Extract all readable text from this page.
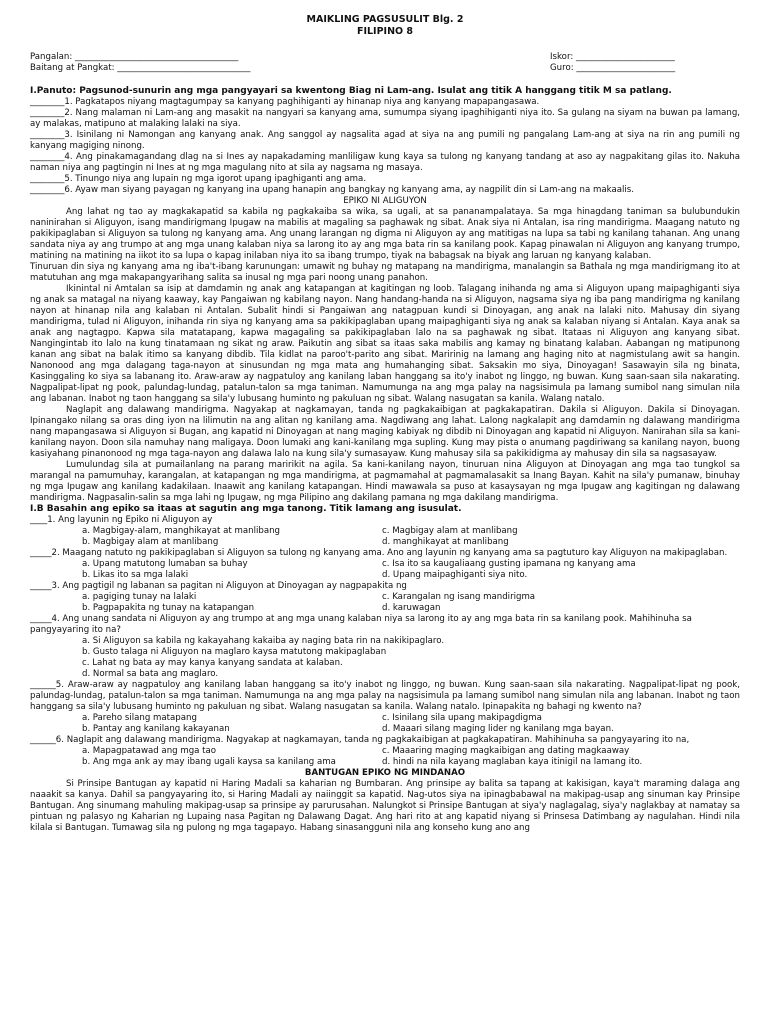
MAIKLING PAGSUSULIT Blg. 2
FILIPINO 8
Pangalan: ______________________________________
Baitang at Pangkat: _______________________________
Iskor: _______________________
Guro: _______________________
I.Panuto: Pagsunod-sunurin ang mga pangyayari sa kwentong Biag ni Lam-ang. Isulat ang titik A hanggang titik M sa patlang.

________1. Pagkatapos niyang magtagumpay sa kanyang paghihiganti ay hinanap niya ang kanyang mapapangasawa.

________2. Nang malaman ni Lam-ang ang masakit na nangyari sa kanyang ama, sumumpa siyang ipaghihiganti niya ito. Sa gulang na siyam na buwan pa lamang, ay malakas, matipuno at malaking lalaki na siya.

________3. Isinilang ni Namongan ang kanyang anak. Ang sanggol ay nagsalita agad at siya na ang pumili ng pangalang Lam-ang at siya na rin ang pumili ng kanyang magiging ninong.

________4. Ang pinakamagandang dlag na si Ines ay napakadaming manliligaw kung kaya sa tulong ng kanyang tandang at aso ay nagpakitang gilas ito. Nakuha naman niya ang pagtingin ni Ines at ng mga magulang nito at sila ay nagsama ng masaya.

________5. Tinungo niya ang lupain ng mga igorot upang ipaghiganti ang ama.

________6. Ayaw man siyang payagan ng kanyang ina upang hanapin ang bangkay ng kanyang ama, ay nagpilit din si Lam-ang na makaalis.

EPIKO NI ALIGUYON

Ang lahat ng tao ay magkakapatid sa kabila ng pagkakaiba sa wika, sa ugali, at sa pananampalataya. Sa mga hinagdang taniman sa bulubundukin naninirahan si Aliguyon, isang mandirigmang Ipugaw na mabilis at magaling sa paghawak ng sibat. Anak siya ni Antalan, isa ring mandirigma. Maagang natuto ng pakikipaglaban si Aliguyon sa tulong ng kanyang ama. Ang unang larangan ng digma ni Aliguyon ay ang matitigas na lupa sa tabi ng kanilang tahanan. Ang unang sandata niya ay ang trumpo at ang mga unang kalaban niya sa larong ito ay ang mga bata rin sa kanilang pook. Kapag pinawalan ni Aliguyon ang kanyang trumpo, matining na matining na iikot ito sa lupa o kapag inilaban niya ito sa ibang trumpo, tiyak na babagsak na biyak ang laruan ng kanyang kalaban.

Tinuruan din siya ng kanyang ama ng iba't-ibang karunungan: umawit ng buhay ng matapang na mandirigma, manalangin sa Bathala ng mga mandirigmang ito at matutuhan ang mga makapangyarihang salita sa inusal ng mga pari noong unang panahon.

Ikinintal ni Amtalan sa isip at damdamin ng anak ang katapangan at kagitingan ng loob. Talagang inihanda ng ama si Aliguyon upang maipaghiganti siya ng anak sa matagal na niyang kaaway, kay Pangaiwan ng kabilang nayon. Nang handang-handa na si Aliguyon, nagsama siya ng iba pang mandirigma ng kanilang nayon at hinanap nila ang kalaban ni Antalan. Subalit hindi si Pangaiwan ang natagpuan kundi si Dinoyagan, ang anak na lalaki nito. Mahusay din siyang mandirigma, tulad ni Aliguyon, inihanda rin siya ng kanyang ama sa pakikipaglaban upang maipaghiganti siya ng anak sa kalaban niyang si Antalan. Kaya anak sa anak ang nagtagpo. Kapwa sila matatapang, kapwa magagaling sa pakikipaglaban lalo na sa paghawak ng sibat. Itataas ni Aliguyon ang kanyang sibat. Nangingintab ito lalo na kung tinatamaan ng sikat ng araw. Paikutin ang sibat sa itaas saka mabilis ang kamay ng binatang kalaban. Aabangan ng matipunong kanan ang sibat na balak itimo sa kanyang dibdib. Tila kidlat na paroo't-parito ang sibat. Maririnig na lamang ang haging nito at nagmistulang awit sa hangin. Nanonood ang mga dalagang taga-nayon at sinusundan ng mga mata ang humahanging sibat. Saksakin mo siya, Dinoyagan! Sasawayin sila ng binata, Kasinggaling ko siya sa labanang ito. Araw-araw ay nagpatuloy ang kanilang laban hanggang sa ito'y inabot ng linggo, ng buwan. Kung saan-saan sila nakarating. Nagpalipat-lipat ng pook, palundag-lundag, patalun-talon sa mga taniman. Namumunga na ang mga palay na nagsisimula pa lamang sumibol nang simulan nila ang labanan. Inabot ng taon hanggang sa sila'y lubusang huminto ng pakuluan ng sibat. Walang nasugatan sa kanila. Walang natalo.

Naglapit ang dalawang mandirigma. Nagyakap at nagkamayan, tanda ng pagkakaibigan at pagkakapatiran. Dakila si Aliguyon. Dakila si Dinoyagan. Ipinangako nilang sa oras ding iyon na lilimutin na ang alitan ng kanilang ama. Nagdiwang ang lahat. Lalong nagkalapit ang damdamin ng dalawang mandirigma nang mapangasawa si Aliguyon si Bugan, ang kapatid ni Dinoyagan at nang maging kabiyak ng dibdib ni Dinoyagan ang kapatid ni Aliguyon. Nanirahan sila sa kani-kanilang nayon. Doon sila namuhay nang maligaya. Doon lumaki ang kani-kanilang mga supling. Kung may pista o anumang pagdiriwang sa kanilang nayon, buong kasiyahang pinanonood ng mga taga-nayon ang dalawa lalo na kung sila'y sumasayaw. Kung mahusay sila sa pakikidigma ay mahusay din sila sa nagsasayaw.

Lumulundag sila at pumailanlang na parang maririkit na agila. Sa kani-kanilang nayon, tinuruan nina Aliguyon at Dinoyagan ang mga tao tungkol sa marangal na pamumuhay, karangalan, at katapangan ng mga mandirigma, at pagmamahal at pagmamalasakit sa Inang Bayan. Kahit na sila'y pumanaw, binuhay ng mga Ipugaw ang kanilang kadakilaan. Inaawit ang kanilang katapangan. Hindi mawawala sa puso at kasaysayan ng mga Ipugaw ang kagitingan ng dalawang mandirigma. Nagpasalin-salin sa mga lahi ng Ipugaw, ng mga Pilipino ang dakilang pamana ng mga dakilang mandirigma.

I.B Basahin ang epiko sa itaas at sagutin ang mga tanong. Titik lamang ang isusulat.

____1. Ang layunin ng Epiko ni Aliguyon ay

a. Magbigay-alam, manghikayat at manlibang	c. Magbigay alam at manlibang
b. Magbigay alam at manlibang	d. manghikayat at manlibang

_____2. Maagang natuto ng pakikipaglaban si Aliguyon sa tulong ng kanyang ama. Ano ang layunin ng kanyang ama sa pagtuturo kay Aliguyon na makipaglaban.

a. Upang matutong lumaban sa buhay	c. Isa ito sa kaugaliaang gusting ipamana ng kanyang ama
b. Likas ito sa mga lalaki	d. Upang maipaghiganti siya nito.

_____3. Ang pagtigil ng labanan sa pagitan ni Aliguyon at Dinoyagan ay nagpapakita ng

a. pagiging tunay na lalaki	c. Karangalan ng isang mandirigma
b. Pagpapakita ng tunay na katapangan	d. karuwagan

_____4. Ang unang sandata ni Aliguyon ay ang trumpo at ang mga unang kalaban niya sa larong ito ay ang mga bata rin sa kanilang pook. Mahihinuha sa pangyayaring ito na?

a. Si Aliguyon sa kabila ng kakayahang kakaiba ay naging bata rin na nakikipaglaro.
b. Gusto talaga ni Aliguyon na maglaro kaysa matutong makipaglaban
c. Lahat ng bata ay may kanya kanyang sandata at kalaban.
d. Normal sa bata ang maglaro.

______5. Araw-araw ay nagpatuloy ang kanilang laban hanggang sa ito'y inabot ng linggo, ng buwan. Kung saan-saan sila nakarating. Nagpalipat-lipat ng pook, palundag-lundag, patalun-talon sa mga taniman. Namumunga na ang mga palay na nagsisimula pa lamang sumibol nang simulan nila ang labanan. Inabot ng taon hanggang sa sila'y lubusang huminto ng pakuluan ng sibat. Walang nasugatan sa kanila. Walang natalo. Ipinapakita ng bahagi ng kwento na?

a. Pareho silang matapang	c. Isinilang sila upang makipagdigma
b. Pantay ang kanilang kakayanan	d. Maaari silang maging lider ng kanilang mga bayan.

______6. Naglapit ang dalawang mandirigma. Nagyakap at nagkamayan, tanda ng pagkakaibigan at pagkakapatiran. Mahihinuha sa pangyayaring ito na,

a. Mapagpatawad ang mga tao	c. Maaaring maging magkaibigan ang dating magkaaway
b. Ang mga ank ay may ibang ugali kaysa sa kanilang ama	d. hindi na nila kayang maglaban kaya itinigil na lamang ito.

BANTUGAN EPIKO NG MINDANAO

Si Prinsipe Bantugan ay kapatid ni Haring Madali sa kaharian ng Bumbaran. Ang prinsipe ay balita sa tapang at kakisigan, kaya't maraming dalaga ang naaakit sa kanya. Dahil sa pangyayaring ito, si Haring Madali ay naiinggit sa kapatid. Nag-utos siya na ipinagbabawal na makipag-usap ang sinuman kay Prinsipe Bantugan. Ang sinumang mahuling makipag-usap sa prinsipe ay parurusahan. Nalungkot si Prinsipe Bantugan at siya'y naglagalag, siya'y naglakbay at namatay sa pintuan ng palasyo ng Kaharian ng Lupaing nasa Pagitan ng Dalawang Dagat. Ang hari rito at ang kapatid niyang si Prinsesa Datimbang ay nagulahan. Hindi nila kilala si Bantugan. Tumawag sila ng pulong ng mga tagapayo. Habang sinasangguni nila ang konseho kung ano ang
